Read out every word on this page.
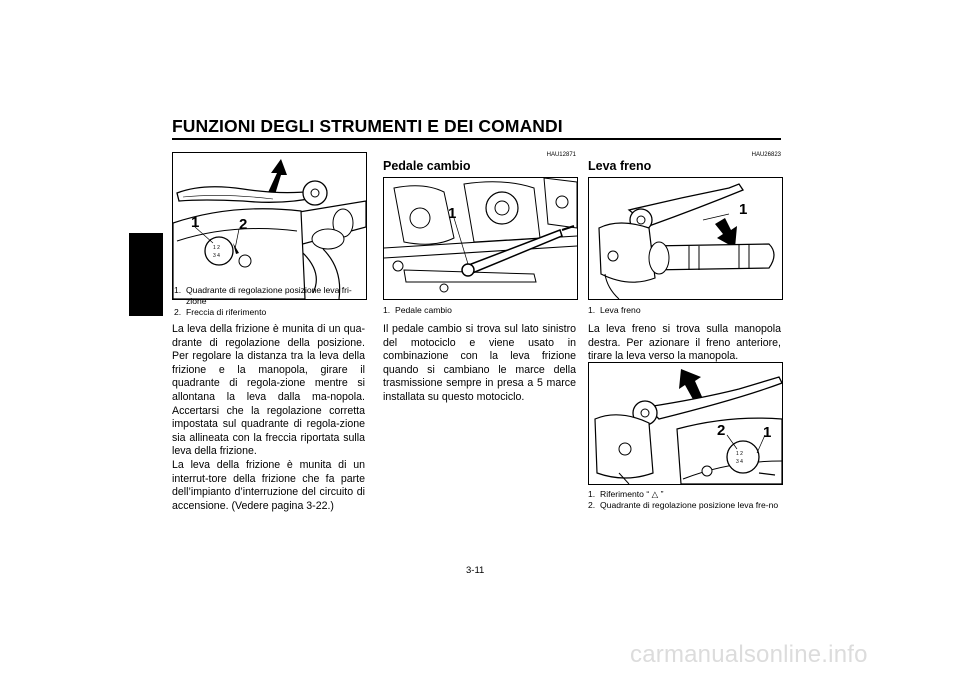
FUNZIONI DEGLI STRUMENTI E DEI COMANDI
3
1 2
3 4
1	2
1. Quadrante di regolazione posizione leva fri-zione
2. Freccia di riferimento

La leva della frizione è munita di un qua-drante di regolazione della posizione. Per regolare la distanza tra la leva della frizione e la manopola, girare il quadrante di regola-zione mentre si allontana la leva dalla ma-nopola. Accertarsi che la regolazione corretta impostata sul quadrante di regola-zione sia allineata con la freccia riportata sulla leva della frizione.

La leva della frizione è munita di un interrut-tore della frizione che fa parte dell’impianto d’interruzione del circuito di accensione. (Vedere pagina 3-22.)

HAU12871
Pedale cambio
1
1. Pedale cambio

Il pedale cambio si trova sul lato sinistro del motociclo e viene usato in combinazione con la leva frizione quando si cambiano le marce della trasmissione sempre in presa a 5 marce installata su questo motociclo.

HAU26823
Leva freno
1
1. Leva freno

La leva freno si trova sulla manopola destra. Per azionare il freno anteriore, tirare la leva verso la manopola.

1 2
3 4
2	1
1. Riferimento “ △ ”
2. Quadrante di regolazione posizione leva fre-no
3-11
carmanualsonline.info
